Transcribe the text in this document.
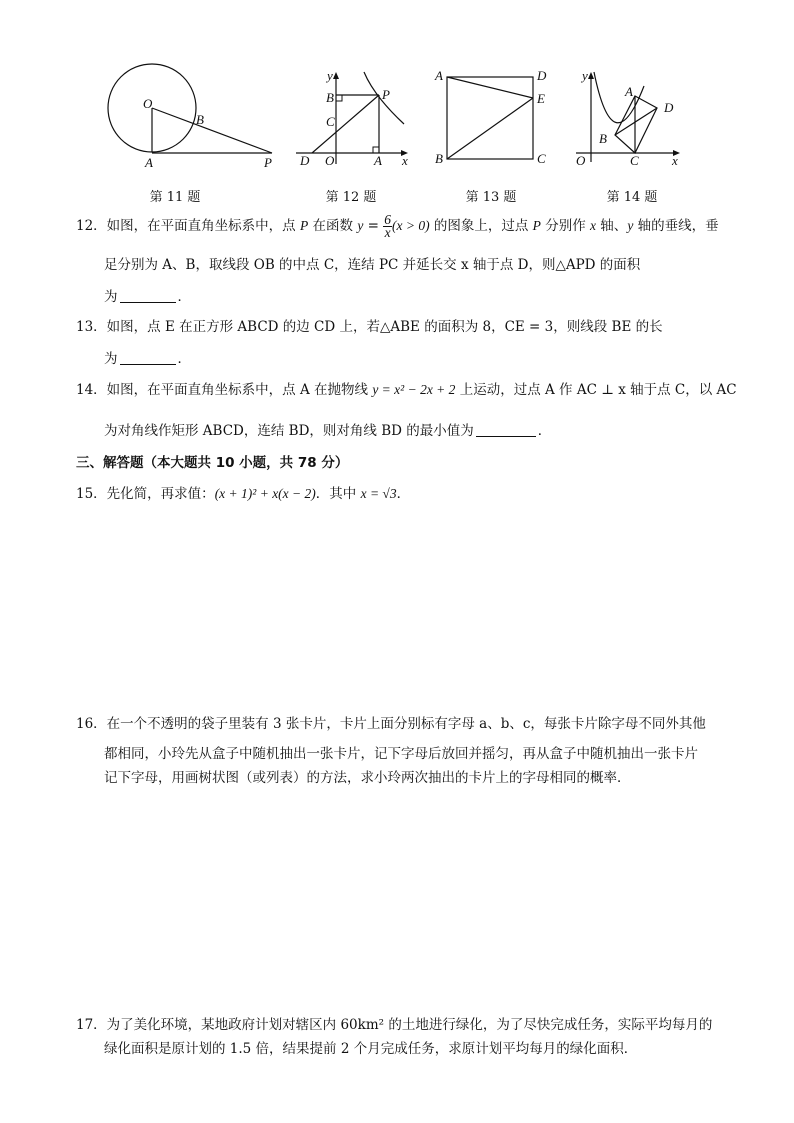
O
B
A	P
第 11 题
y
B	P
C
D O	A x
第 12 题
A	D
E
B	C
第 13 题
y
A
D
B
O	C	x
第 14 题
12．如图，在平面直角坐标系中，点 P 在函数 $y = \frac{6}{x} (x > 0)$ 的图象上，过点 P 分别作 x 轴、y 轴的垂线，垂
足分别为 A、B，取线段 OB 的中点 C，连结 PC 并延长交 x 轴于点 D，则△APD 的面积
为	．
13．如图，点 E 在正方形 ABCD 的边 CD 上，若△ABE 的面积为 8，CE = 3，则线段 BE 的长
为	．
14．如图，在平面直角坐标系中，点 A 在抛物线 y = x² − 2x + 2 上运动，过点 A 作 AC ⊥ x 轴于点 C，以 AC
为对角线作矩形 ABCD，连结 BD，则对角线 BD 的最小值为	．
三、解答题（本大题共 10 小题，共 78 分）
15．先化简，再求值：(x + 1)² + x(x − 2)．其中 x = √3．
16．在一个不透明的袋子里装有 3 张卡片，卡片上面分别标有字母 a、b、c，每张卡片除字母不同外其他
都相同，小玲先从盒子中随机抽出一张卡片，记下字母后放回并摇匀，再从盒子中随机抽出一张卡片
记下字母，用画树状图（或列表）的方法，求小玲两次抽出的卡片上的字母相同的概率．
17．为了美化环境，某地政府计划对辖区内 60km² 的土地进行绿化，为了尽快完成任务，实际平均每月的
绿化面积是原计划的 1.5 倍，结果提前 2 个月完成任务，求原计划平均每月的绿化面积．
